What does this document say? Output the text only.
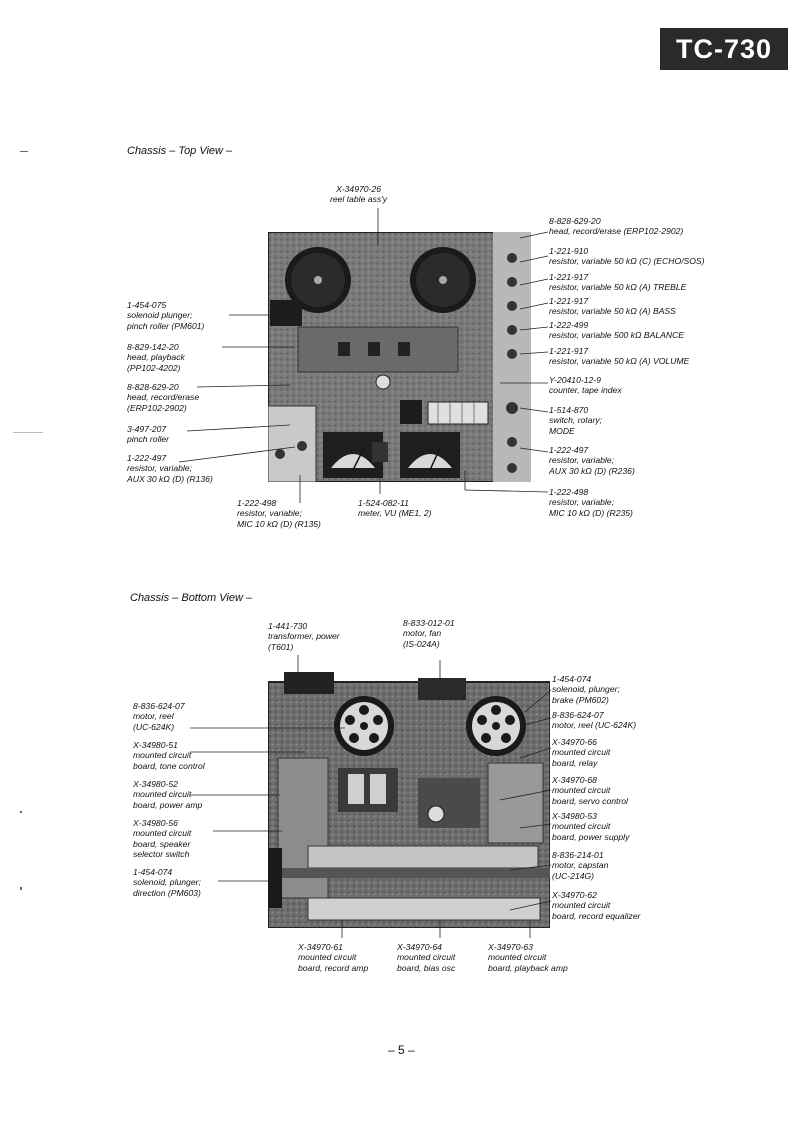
TC-730
Chassis – Top View –
X-34970-26
reel table ass'y
8-828-629-20
head, record/erase (ERP102-2902)
1-221-910
resistor, variable 50 kΩ (C) (ECHO/SOS)
1-221-917
resistor, variable 50 kΩ (A) TREBLE
1-221-917
resistor, variable 50 kΩ (A) BASS
1-222-499
resistor, variable 500 kΩ BALANCE
1-221-917
resistor, variable 50 kΩ (A) VOLUME
Y-20410-12-9
counter, tape index
1-514-870
switch, rotary;
MODE
1-222-497
resistor, variable;
AUX 30 kΩ (D) (R236)
1-222-498
resistor, variable;
MIC 10 kΩ (D) (R235)
1-454-075
solenoid plunger;
pinch roller (PM601)
8-829-142-20
head, playback
(PP102-4202)
8-828-629-20
head, record/erase
(ERP102-2902)
3-497-207
pinch roller
1-222-497
resistor, variable;
AUX 30 kΩ (D) (R136)
1-222-498
resistor, variable;
MIC 10 kΩ (D) (R135)
1-524-082-11
meter, VU (ME1, 2)
Chassis – Bottom View –
1-441-730
transformer, power
(T601)
8-833-012-01
motor, fan
(IS-024A)
1-454-074
solenoid, plunger;
brake (PM602)
8-836-624-07
motor, reel (UC-624K)
X-34970-66
mounted circuit
board, relay
X-34970-68
mounted circuit
board, servo control
X-34980-53
mounted circuit
board, power supply
8-836-214-01
motor, capstan
(UC-214G)
X-34970-62
mounted circuit
board, record equalizer
8-836-624-07
motor, reel
(UC-624K)
X-34980-51
mounted circuit
board, tone control
X-34980-52
mounted circuit
board, power amp
X-34980-56
mounted circuit
board, speaker
selector switch
1-454-074
solenoid, plunger;
direction (PM603)
X-34970-61
mounted circuit
board, record amp
X-34970-64
mounted circuit
board, bias osc
X-34970-63
mounted circuit
board, playback amp
– 5 –
